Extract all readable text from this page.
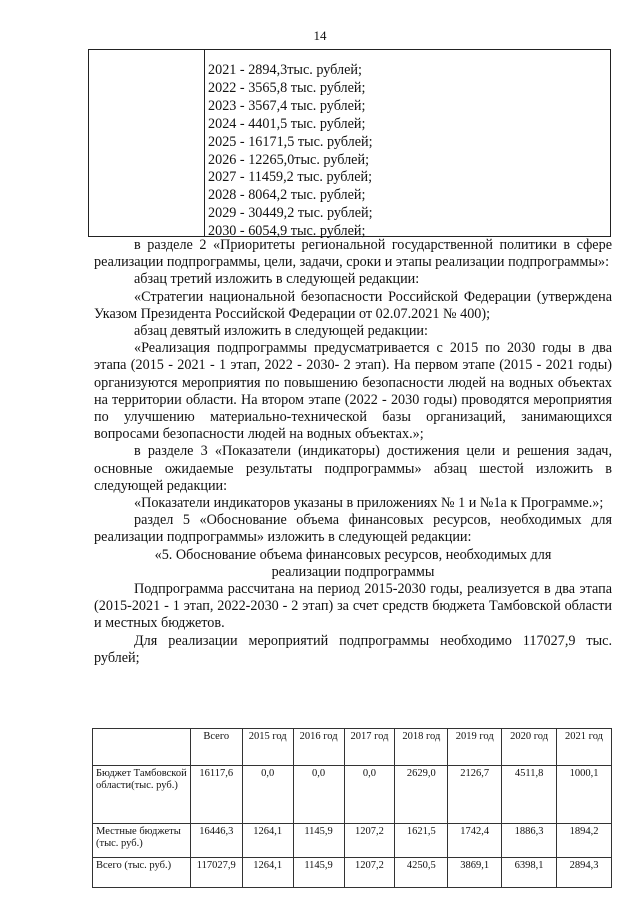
14
2021 - 2894,3тыс. рублей;
2022 - 3565,8 тыс. рублей;
2023 - 3567,4 тыс. рублей;
2024 - 4401,5 тыс. рублей;
2025 - 16171,5 тыс. рублей;
2026 - 12265,0тыс. рублей;
2027 - 11459,2 тыс. рублей;
2028 - 8064,2 тыс. рублей;
2029 - 30449,2 тыс. рублей;
2030 - 6054,9 тыс. рублей;

в разделе 2 «Приоритеты региональной государственной политики в сфере реализации подпрограммы, цели, задачи, сроки и этапы реализации подпрограммы»:

абзац третий изложить в следующей редакции:

«Стратегии национальной безопасности Российской Федерации (утверждена Указом Президента Российской Федерации от 02.07.2021 № 400);

абзац девятый изложить в следующей редакции:

«Реализация подпрограммы предусматривается с 2015 по 2030 годы в два этапа (2015 - 2021 - 1 этап, 2022 - 2030- 2 этап). На первом этапе (2015 - 2021 годы) организуются мероприятия по повышению безопасности людей на водных объектах на территории области. На втором этапе (2022 - 2030 годы) проводятся мероприятия по улучшению материально-технической базы организаций, занимающихся вопросами безопасности людей на водных объектах.»;

в разделе 3 «Показатели (индикаторы) достижения цели и решения задач, основные ожидаемые результаты подпрограммы» абзац шестой изложить в следующей редакции:

«Показатели индикаторов указаны в приложениях № 1 и №1а к Программе.»;

раздел 5 «Обоснование объема финансовых ресурсов, необходимых для реализации подпрограммы» изложить в следующей редакции:

«5. Обоснование объема финансовых ресурсов, необходимых для

реализации подпрограммы

Подпрограмма рассчитана на период 2015-2030 годы, реализуется в два этапа (2015-2021 - 1 этап, 2022-2030 - 2 этап) за счет средств бюджета Тамбовской области и местных бюджетов.

Для реализации мероприятий подпрограммы необходимо 117027,9 тыс. рублей;

	Всего	2015 год	2016 год	2017 год	2018 год	2019 год	2020 год	2021 год
Бюджет Тамбовской области(тыс. руб.)	16117,6	0,0	0,0	0,0	2629,0	2126,7	4511,8	1000,1
Местные бюджеты (тыс. руб.)	16446,3	1264,1	1145,9	1207,2	1621,5	1742,4	1886,3	1894,2
Всего (тыс. руб.)	117027,9	1264,1	1145,9	1207,2	4250,5	3869,1	6398,1	2894,3
